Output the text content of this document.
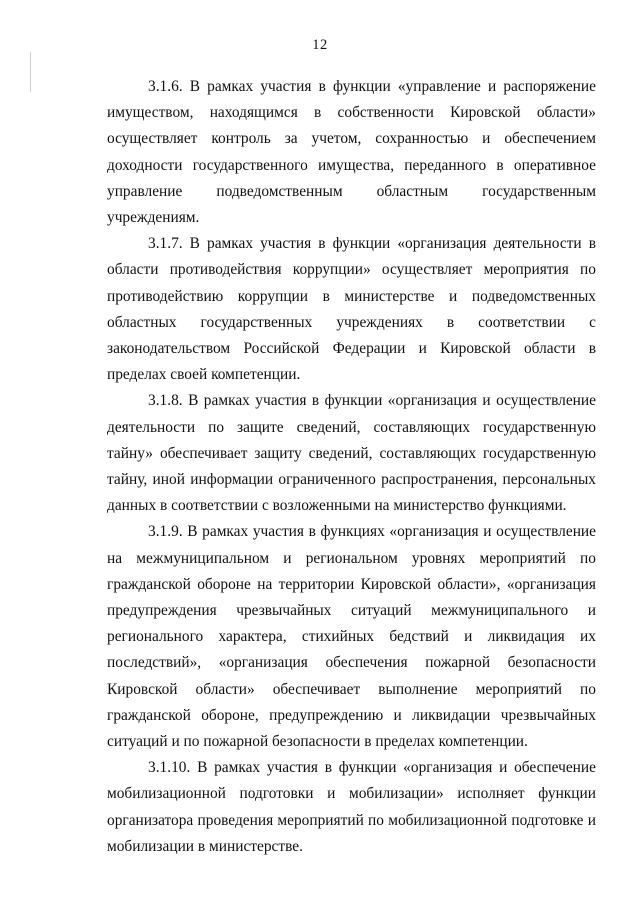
12

3.1.6. В рамках участия в функции «управление и распоряжение имуществом, находящимся в собственности Кировской области» осуществляет контроль за учетом, сохранностью и обеспечением доходности государственного имущества, переданного в оперативное управление подведомственным областным государственным учреждениям.

3.1.7. В рамках участия в функции «организация деятельности в области противодействия коррупции» осуществляет мероприятия по противодействию коррупции в министерстве и подведомственных областных государственных учреждениях в соответствии с законодательством Российской Федерации и Кировской области в пределах своей компетенции.

3.1.8. В рамках участия в функции «организация и осуществление деятельности по защите сведений, составляющих государственную тайну» обеспечивает защиту сведений, составляющих государственную тайну, иной информации ограниченного распространения, персональных данных в соответствии с возложенными на министерство функциями.

3.1.9. В рамках участия в функциях «организация и осуществление на межмуниципальном и региональном уровнях мероприятий по гражданской обороне на территории Кировской области», «организация предупреждения чрезвычайных ситуаций межмуниципального и регионального характера, стихийных бедствий и ликвидация их последствий», «организация обеспечения пожарной безопасности Кировской области» обеспечивает выполнение мероприятий по гражданской обороне, предупреждению и ликвидации чрезвычайных ситуаций и по пожарной безопасности в пределах компетенции.

3.1.10. В рамках участия в функции «организация и обеспечение мобилизационной подготовки и мобилизации» исполняет функции организатора проведения мероприятий по мобилизационной подготовке и мобилизации в министерстве.
